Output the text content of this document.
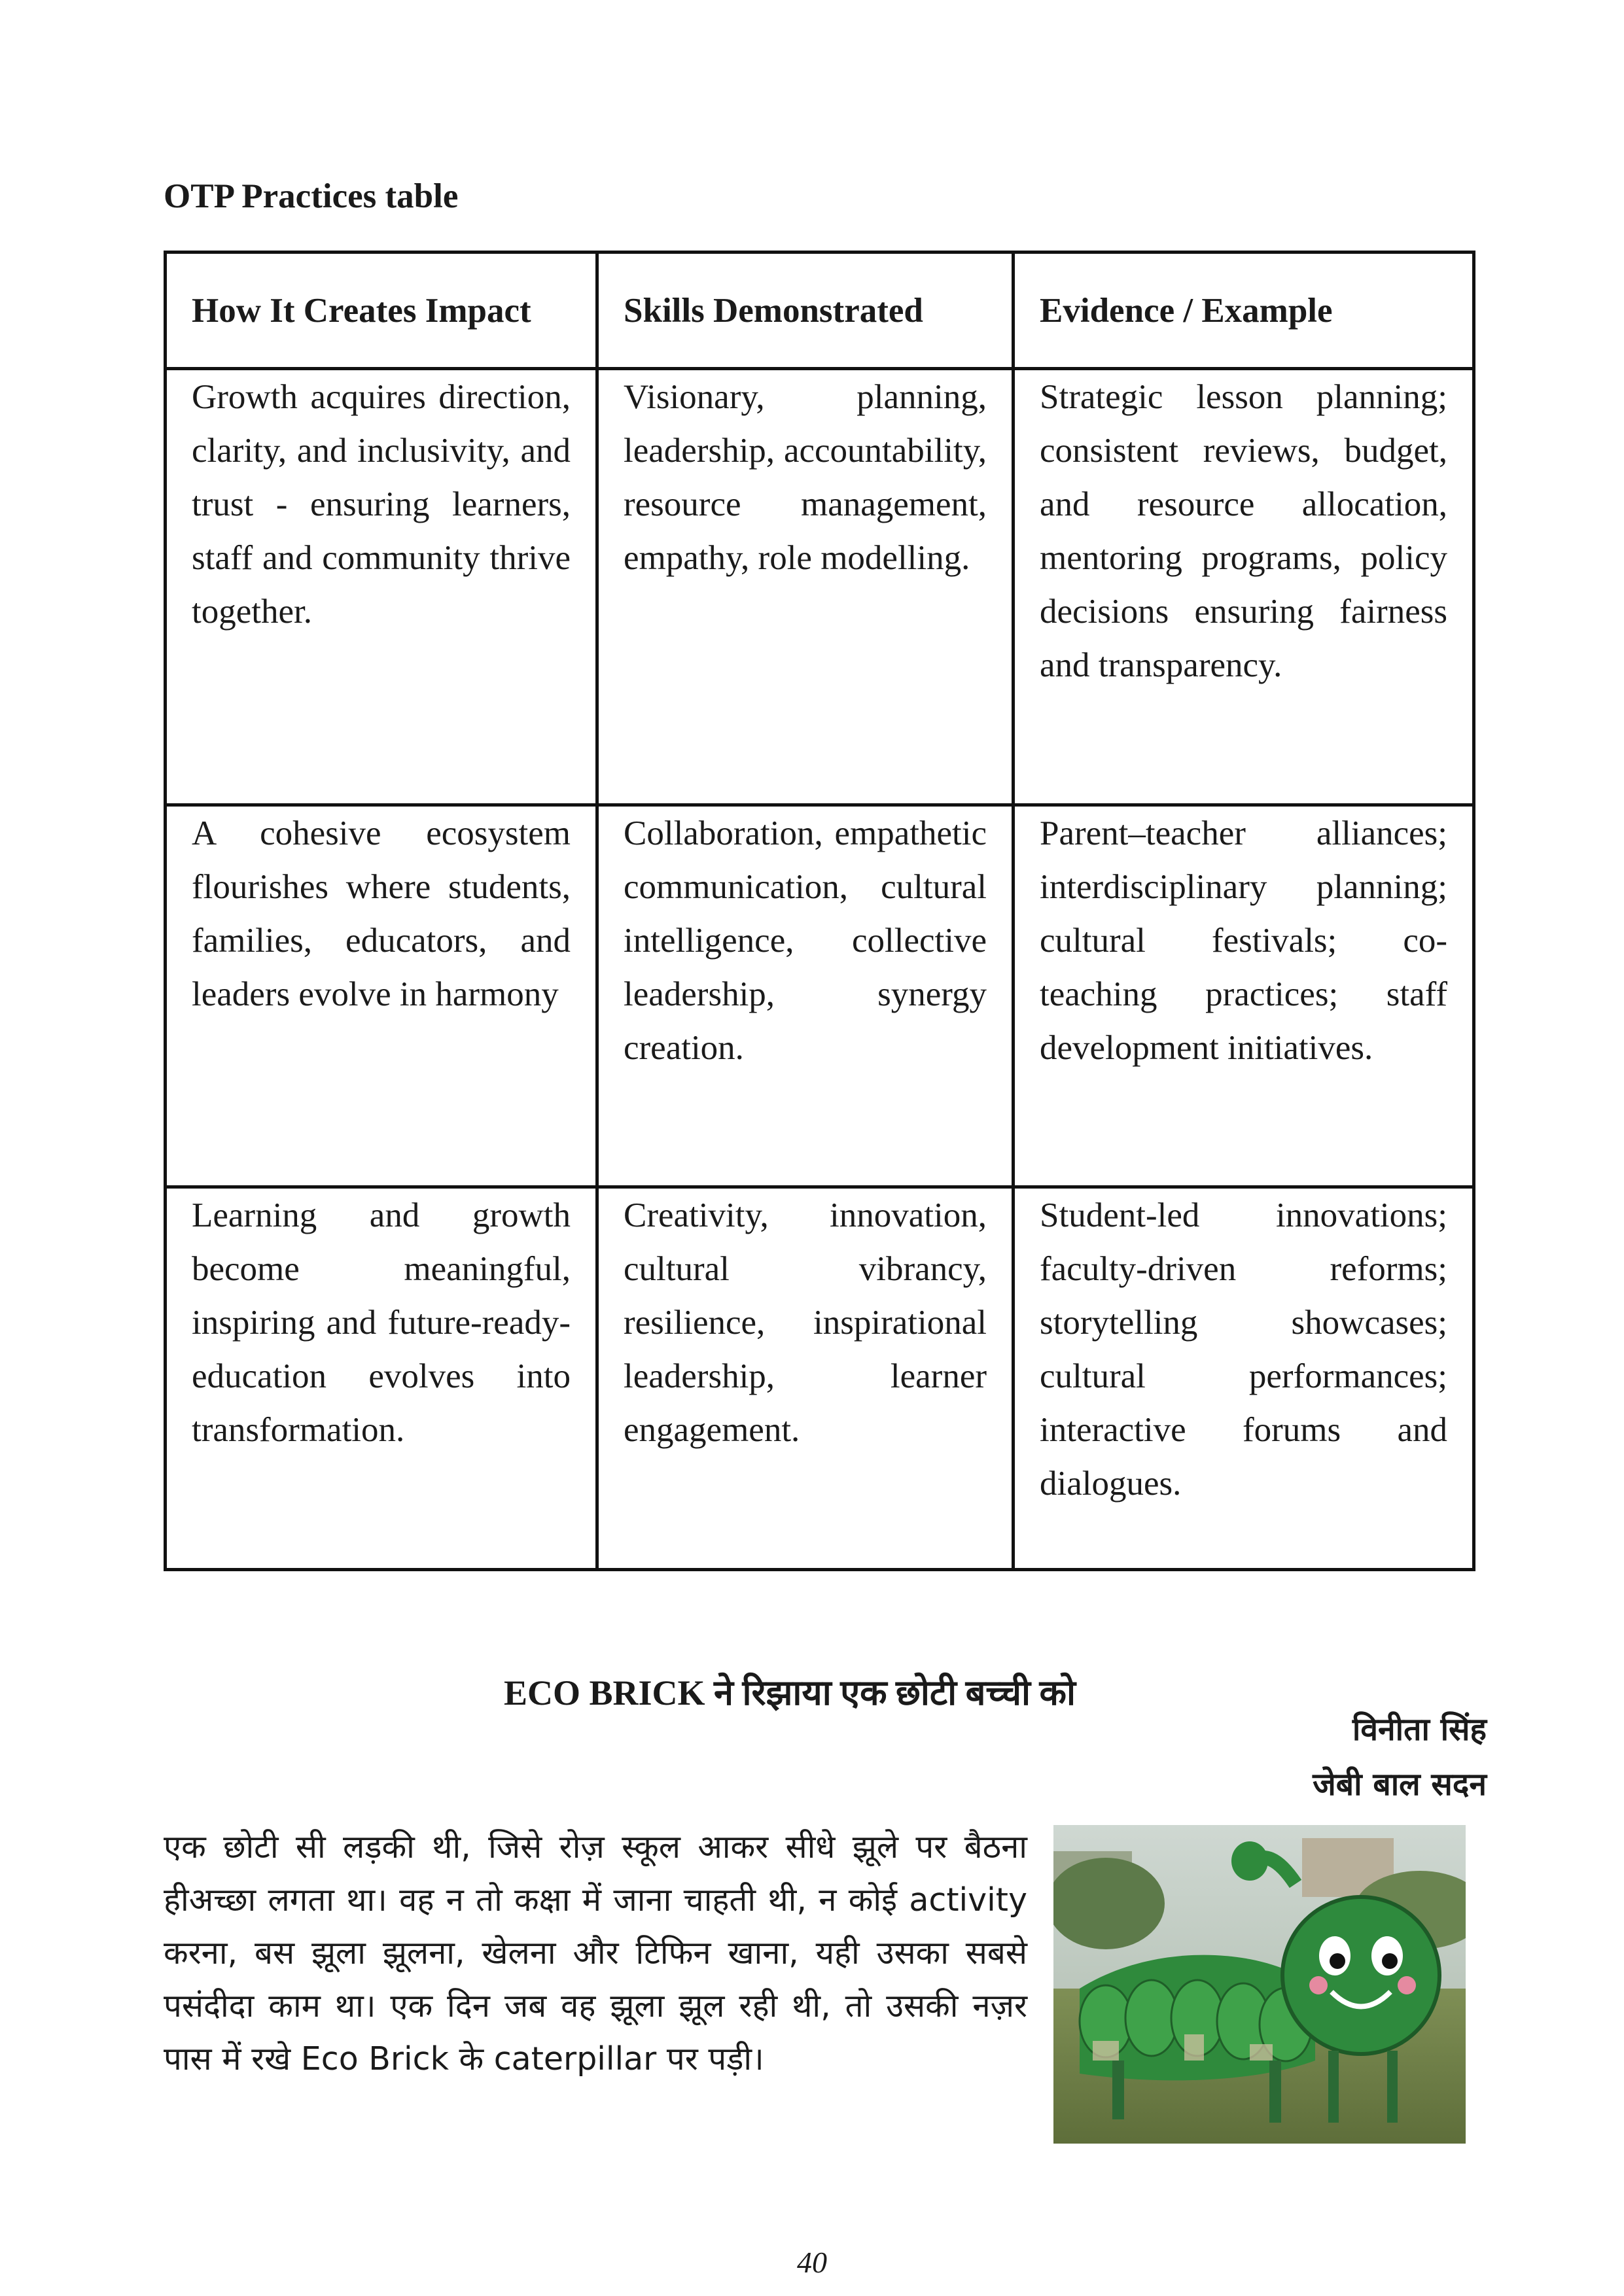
OTP Practices table
How It Creates Impact	Skills Demonstrated	Evidence / Example
Growth acquires direction, clarity, and inclusivity, and trust - ensuring learners, staff and community thrive together.	Visionary, planning, leadership, accountability, resource management, empathy, role modelling.	Strategic lesson planning; consistent reviews, budget, and resource allocation, mentoring programs, policy decisions ensuring fairness and transparency.
A cohesive ecosystem flourishes where students, families, educators, and leaders evolve in harmony	Collaboration, empathetic communication, cultural intelligence, collective leadership, synergy creation.	Parent–teacher alliances; interdisciplinary planning; cultural festivals; co-teaching practices; staff development initiatives.
Learning and growth become meaningful, inspiring and future-ready-education evolves into transformation.	Creativity, innovation, cultural vibrancy, resilience, inspirational leadership, learner engagement.	Student-led innovations; faculty-driven reforms; storytelling showcases; cultural performances; interactive forums and dialogues.
ECO BRICK ने रिझाया एक छोटी बच्ची को
विनीता सिंह
जेबी बाल सदन
एक छोटी सी लड़की थी, जिसे रोज़ स्कूल आकर सीधे झूले पर बैठना हीअच्छा लगता था। वह न तो कक्षा में जाना चाहती थी, न कोई activity करना, बस झूला झूलना, खेलना और टिफिन खाना, यही उसका सबसे पसंदीदा काम था। एक दिन जब वह झूला झूल रही थी, तो उसकी नज़र पास में रखे Eco Brick के caterpillar पर पड़ी।
40
